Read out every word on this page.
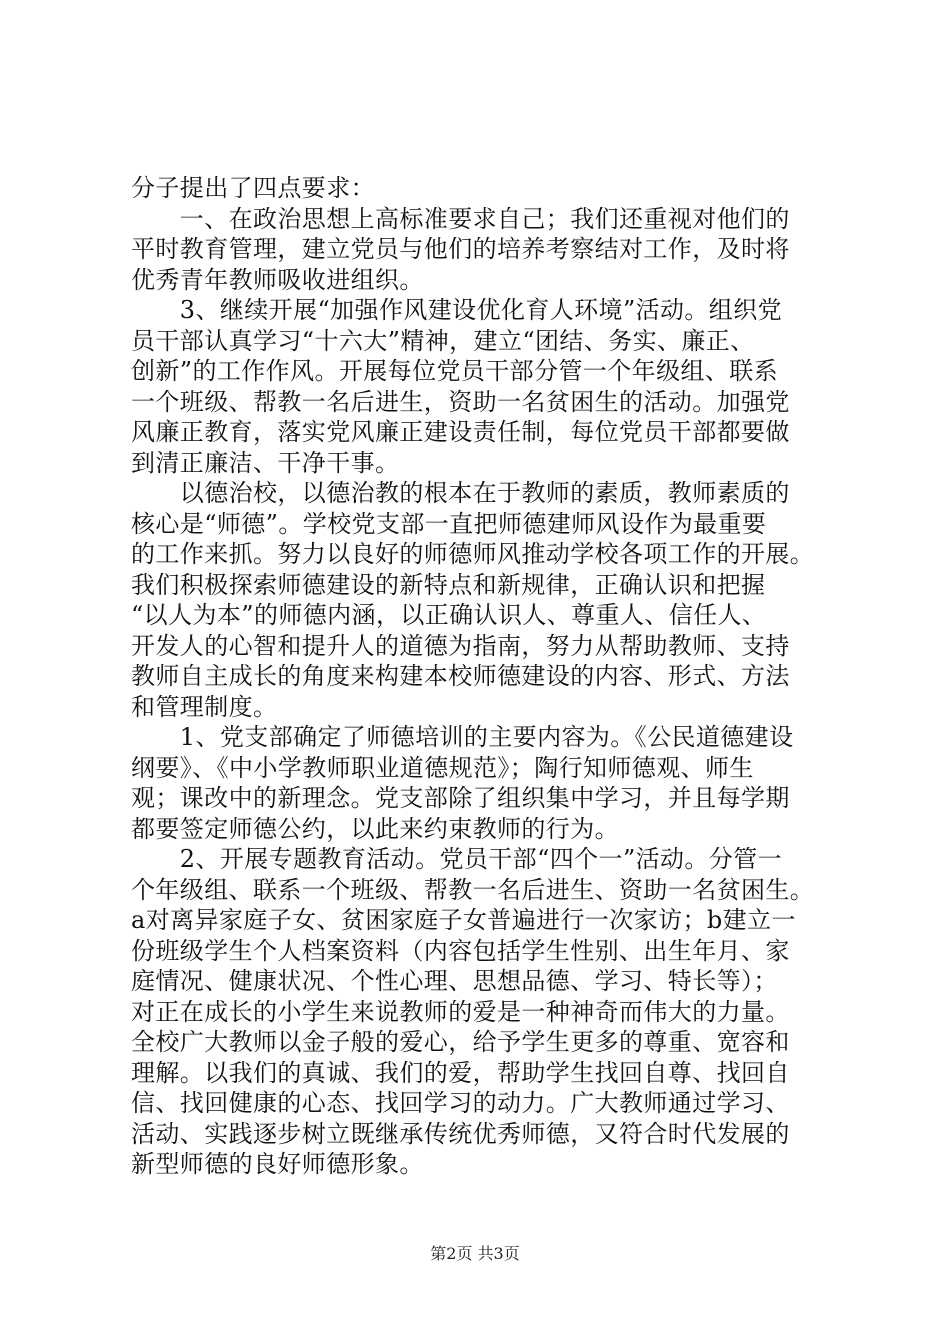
分子提出了四点要求：
　　一、在政治思想上高标准要求自己；我们还重视对他们的
平时教育管理，建立党员与他们的培养考察结对工作，及时将
优秀青年教师吸收进组织。
　　3、继续开展“加强作风建设优化育人环境”活动。组织党
员干部认真学习“十六大”精神，建立“团结、务实、廉正、
创新”的工作作风。开展每位党员干部分管一个年级组、联系
一个班级、帮教一名后进生，资助一名贫困生的活动。加强党
风廉正教育，落实党风廉正建设责任制，每位党员干部都要做
到清正廉洁、干净干事。
　　以德治校，以德治教的根本在于教师的素质，教师素质的
核心是“师德”。学校党支部一直把师德建师风设作为最重要
的工作来抓。努力以良好的师德师风推动学校各项工作的开展。
我们积极探索师德建设的新特点和新规律，正确认识和把握
“以人为本”的师德内涵，以正确认识人、尊重人、信任人、
开发人的心智和提升人的道德为指南，努力从帮助教师、支持
教师自主成长的角度来构建本校师德建设的内容、形式、方法
和管理制度。
　　1、党支部确定了师德培训的主要内容为。《公民道德建设
纲要》、《中小学教师职业道德规范》；陶行知师德观、师生
观；课改中的新理念。党支部除了组织集中学习，并且每学期
都要签定师德公约，以此来约束教师的行为。
　　2、开展专题教育活动。党员干部“四个一”活动。分管一
个年级组、联系一个班级、帮教一名后进生、资助一名贫困生。
a对离异家庭子女、贫困家庭子女普遍进行一次家访；b建立一
份班级学生个人档案资料（内容包括学生性别、出生年月、家
庭情况、健康状况、个性心理、思想品德、学习、特长等）；
对正在成长的小学生来说教师的爱是一种神奇而伟大的力量。
全校广大教师以金子般的爱心，给予学生更多的尊重、宽容和
理解。以我们的真诚、我们的爱，帮助学生找回自尊、找回自
信、找回健康的心态、找回学习的动力。广大教师通过学习、
活动、实践逐步树立既继承传统优秀师德，又符合时代发展的
新型师德的良好师德形象。
第2页 共3页
